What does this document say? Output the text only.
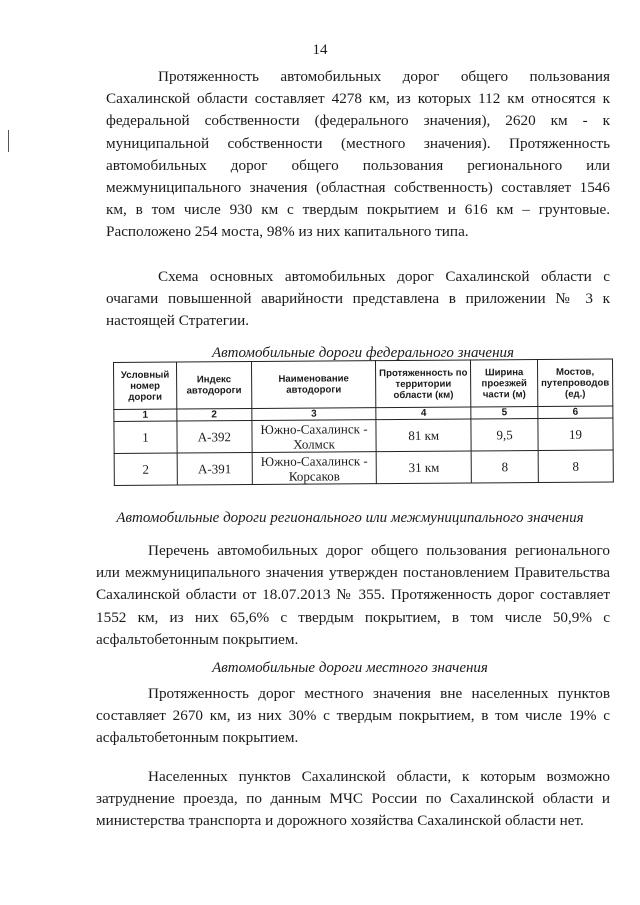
14

Протяженность автомобильных дорог общего пользования Сахалинской области составляет 4278 км, из которых 112 км относятся к федеральной собственности (федерального значения), 2620 км - к муниципальной собственности (местного значения). Протяженность автомобильных дорог общего пользования регионального или межмуниципального значения (областная собственность) составляет 1546 км, в том числе 930 км с твердым покрытием и 616 км – грунтовые. Расположено 254 моста, 98% из них капитального типа.

Схема основных автомобильных дорог Сахалинской области с очагами повышенной аварийности представлена в приложении № 3 к настоящей Стратегии.

Автомобильные дороги федерального значения
Условный номер дороги	Индекс автодороги	Наименование автодороги	Протяженность по территории области (км)	Ширина проезжей части (м)	Мостов, путепроводов (ед.)
1	2	3	4	5	6
1	А-392	Южно-Сахалинск - Холмск	81 км	9,5	19
2	А-391	Южно-Сахалинск - Корсаков	31 км	8	8
Автомобильные дороги регионального или межмуниципального значения

Перечень автомобильных дорог общего пользования регионального или межмуниципального значения утвержден постановлением Правительства Сахалинской области от 18.07.2013 № 355. Протяженность дорог составляет 1552 км, из них 65,6% с твердым покрытием, в том числе 50,9% с асфальтобетонным покрытием.

Автомобильные дороги местного значения

Протяженность дорог местного значения вне населенных пунктов составляет 2670 км, из них 30% с твердым покрытием, в том числе 19% с асфальтобетонным покрытием.

Населенных пунктов Сахалинской области, к которым возможно затруднение проезда, по данным МЧС России по Сахалинской области и министерства транспорта и дорожного хозяйства Сахалинской области нет.
